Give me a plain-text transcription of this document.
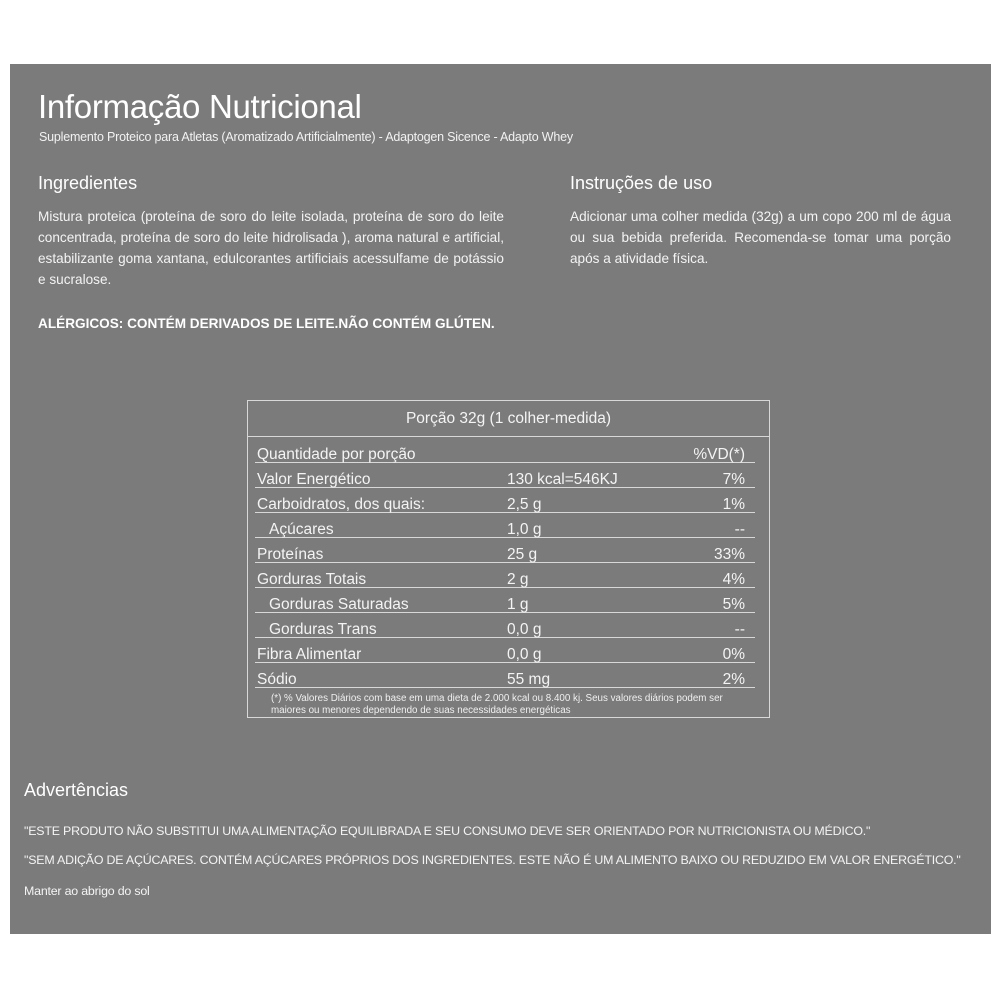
Informação Nutricional
Suplemento Proteico para Atletas (Aromatizado Artificialmente) - Adaptogen Sicence - Adapto Whey
Ingredientes
Mistura proteica (proteína de soro do leite isolada, proteína de soro do leite concentrada, proteína de soro do leite hidrolisada ), aroma natural e artificial, estabilizante goma xantana, edulcorantes artificiais acessulfame de potássio e sucralose.
ALÉRGICOS: CONTÉM DERIVADOS DE LEITE.NÃO CONTÉM GLÚTEN.
Instruções de uso
Adicionar uma colher medida (32g) a um copo 200 ml de água ou sua bebida preferida. Recomenda-se tomar uma porção após a atividade física.
Porção 32g (1 colher-medida)
Quantidade por porção	%VD(*)
Valor Energético	130 kcal=546KJ	7%
Carboidratos, dos quais:	2,5 g	1%
Açúcares	1,0 g	--
Proteínas	25 g	33%
Gorduras Totais	2 g	4%
Gorduras Saturadas	1 g	5%
Gorduras Trans	0,0 g	--
Fibra Alimentar	0,0 g	0%
Sódio	55 mg	2%
(*) % Valores Diários com base em uma dieta de 2.000 kcal ou 8.400 kj. Seus valores diários podem ser maiores ou menores dependendo de suas necessidades energéticas
Advertências
"ESTE PRODUTO NÃO SUBSTITUI UMA ALIMENTAÇÃO EQUILIBRADA E SEU CONSUMO DEVE SER ORIENTADO POR NUTRICIONISTA OU MÉDICO."
"SEM ADIÇÃO DE AÇÚCARES. CONTÉM AÇÚCARES PRÓPRIOS DOS INGREDIENTES. ESTE NÃO É UM ALIMENTO BAIXO OU REDUZIDO EM VALOR ENERGÉTICO."
Manter ao abrigo do sol
